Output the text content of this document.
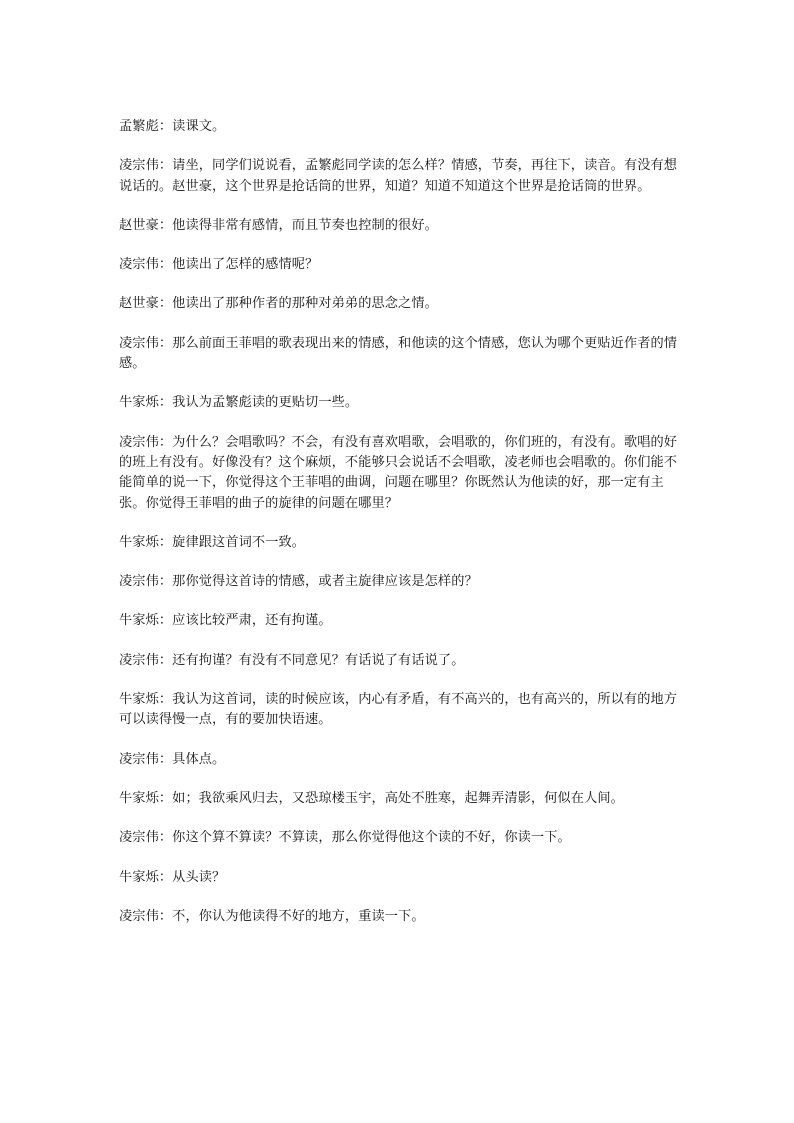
孟繁彪：读课文。

凌宗伟：请坐，同学们说说看，孟繁彪同学读的怎么样？情感，节奏，再往下，读音。有没有想说话的。赵世豪，这个世界是抢话筒的世界，知道？知道不知道这个世界是抢话筒的世界。

赵世豪：他读得非常有感情，而且节奏也控制的很好。

凌宗伟：他读出了怎样的感情呢？

赵世豪：他读出了那种作者的那种对弟弟的思念之情。

凌宗伟：那么前面王菲唱的歌表现出来的情感，和他读的这个情感，您认为哪个更贴近作者的情感。

牛家烁：我认为孟繁彪读的更贴切一些。

凌宗伟：为什么？会唱歌吗？不会，有没有喜欢唱歌，会唱歌的，你们班的，有没有。歌唱的好的班上有没有。好像没有？这个麻烦，不能够只会说话不会唱歌，凌老师也会唱歌的。你们能不能简单的说一下，你觉得这个王菲唱的曲调，问题在哪里？你既然认为他读的好，那一定有主张。你觉得王菲唱的曲子的旋律的问题在哪里？

牛家烁：旋律跟这首词不一致。

凌宗伟：那你觉得这首诗的情感，或者主旋律应该是怎样的？

牛家烁：应该比较严肃，还有拘谨。

凌宗伟：还有拘谨？有没有不同意见？有话说了有话说了。

牛家烁：我认为这首词，读的时候应该，内心有矛盾，有不高兴的，也有高兴的，所以有的地方可以读得慢一点，有的要加快语速。

凌宗伟：具体点。

牛家烁：如；我欲乘风归去，又恐琼楼玉宇，高处不胜寒，起舞弄清影，何似在人间。

凌宗伟：你这个算不算读？不算读，那么你觉得他这个读的不好，你读一下。

牛家烁：从头读？

凌宗伟：不，你认为他读得不好的地方，重读一下。
